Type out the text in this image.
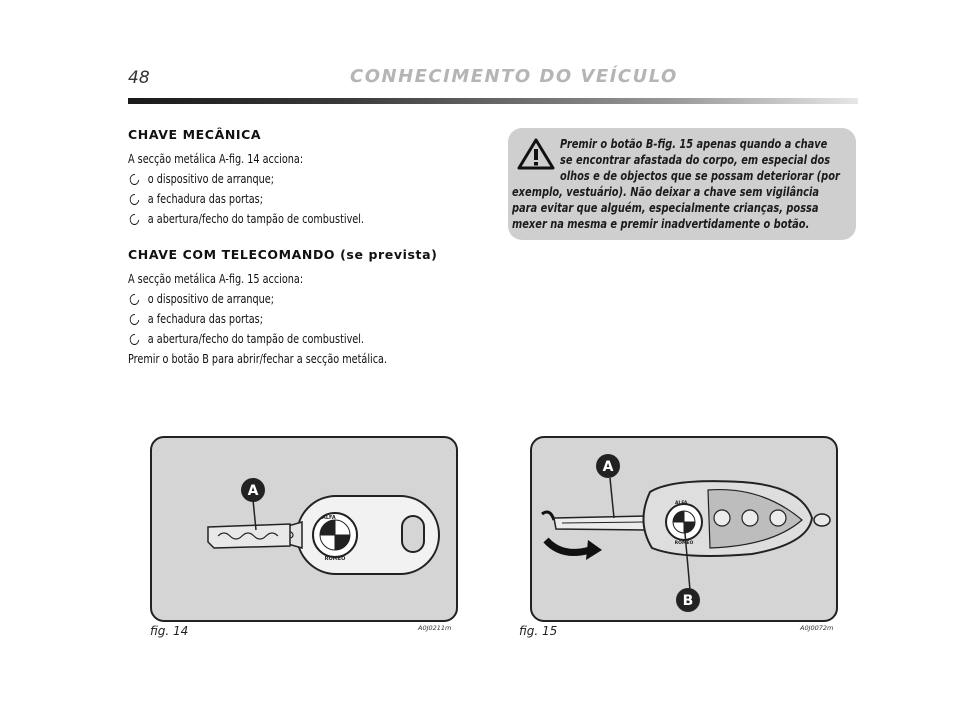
48	CONHECIMENTO DO VEÍCULO
CHAVE MECÂNICA
A secção metálica A-fig. 14 acciona:
o dispositivo de arranque;
a fechadura das portas;
a abertura/fecho do tampão de combustivel.
CHAVE COM TELECOMANDO (se prevista)
A secção metálica A-fig. 15 acciona:
o dispositivo de arranque;
a fechadura das portas;
a abertura/fecho do tampão de combustivel.
Premir o botão B para abrir/fechar a secção metálica.
Premir o botão B-fig. 15 apenas quando a chave
se encontrar afastada do corpo, em especial dos
olhos e de objectos que se possam deteriorar (por
exemplo, vestuário). Não deixar a chave sem vigilância
para evitar que alguém, especialmente crianças, possa
mexer na mesma e premir inadvertidamente o botão.
ALFA
ROMEO
A
fig. 14	A0J0211m
ALFA
ROMEO
A
B
fig. 15	A0J0072m
